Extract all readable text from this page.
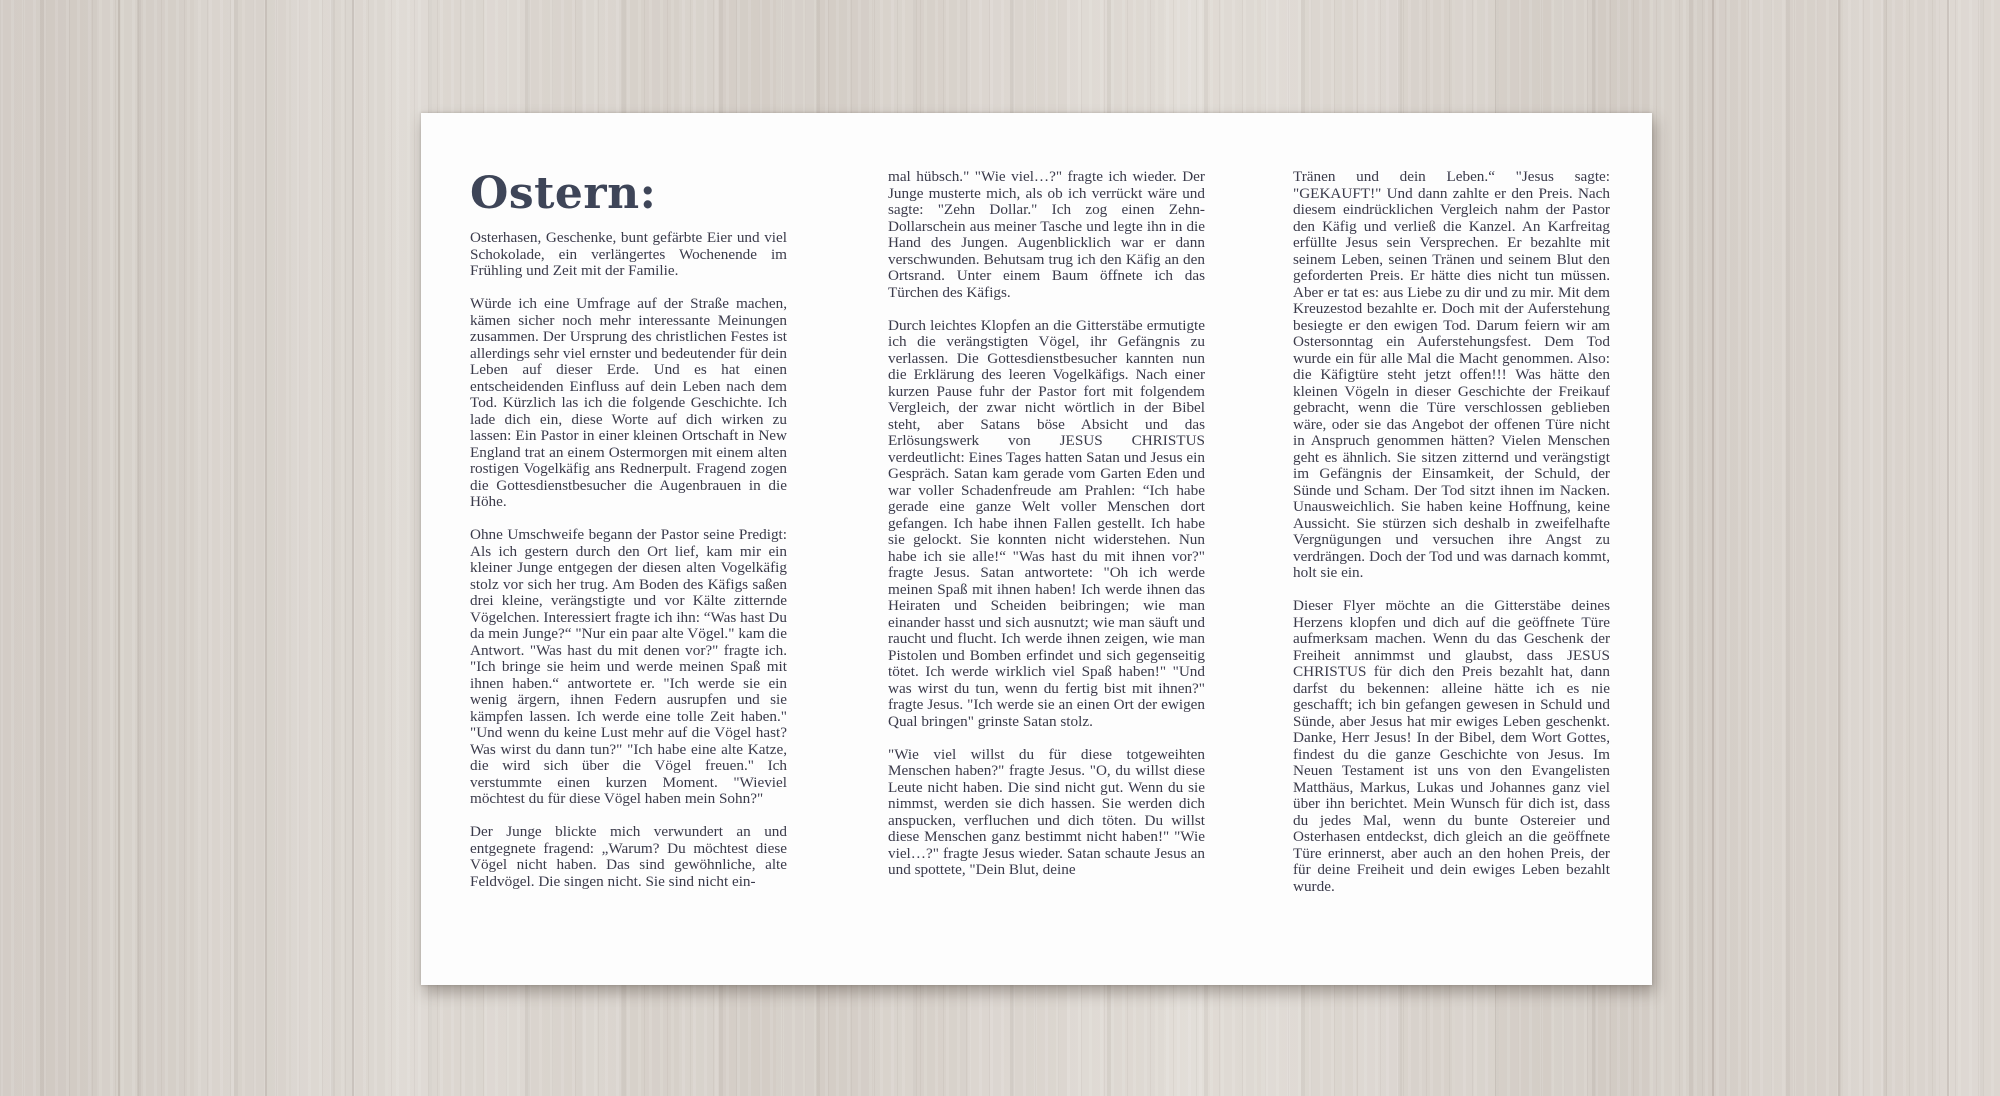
Ostern:

Osterhasen, Geschenke, bunt gefärbte Eier und viel Schokolade, ein verlängertes Wochenende im Frühling und Zeit mit der Familie.

Würde ich eine Umfrage auf der Straße machen, kämen sicher noch mehr interessante Meinungen zusammen. Der Ursprung des christlichen Festes ist allerdings sehr viel ernster und bedeutender für dein Leben auf dieser Erde. Und es hat einen entscheidenden Einfluss auf dein Leben nach dem Tod. Kürzlich las ich die folgende Geschichte. Ich lade dich ein, diese Worte auf dich wirken zu lassen: Ein Pastor in einer kleinen Ortschaft in New England trat an einem Ostermorgen mit einem alten rostigen Vogelkäfig ans Rednerpult. Fragend zogen die Gottesdienstbesucher die Augenbrauen in die Höhe.

Ohne Umschweife begann der Pastor seine Predigt: Als ich gestern durch den Ort lief, kam mir ein kleiner Junge entgegen der diesen alten Vogelkäfig stolz vor sich her trug. Am Boden des Käfigs saßen drei kleine, verängstigte und vor Kälte zitternde Vögelchen. Interessiert fragte ich ihn: “Was hast Du da mein Junge?“ "Nur ein paar alte Vögel." kam die Antwort. "Was hast du mit denen vor?" fragte ich. "Ich bringe sie heim und werde meinen Spaß mit ihnen haben.“ antwortete er. "Ich werde sie ein wenig ärgern, ihnen Federn ausrupfen und sie kämpfen lassen. Ich werde eine tolle Zeit haben." "Und wenn du keine Lust mehr auf die Vögel hast? Was wirst du dann tun?" "Ich habe eine alte Katze, die wird sich über die Vögel freuen." Ich verstummte einen kurzen Moment. "Wieviel möchtest du für diese Vögel haben mein Sohn?"

Der Junge blickte mich verwundert an und entgegnete fragend: „Warum? Du möchtest diese Vögel nicht haben. Das sind gewöhnliche, alte Feldvögel. Die singen nicht. Sie sind nicht ein-

mal hübsch." "Wie viel…?" fragte ich wieder. Der Junge musterte mich, als ob ich verrückt wäre und sagte: "Zehn Dollar." Ich zog einen Zehn-Dollarschein aus meiner Tasche und legte ihn in die Hand des Jungen. Augenblicklich war er dann verschwunden. Behutsam trug ich den Käfig an den Ortsrand. Unter einem Baum öffnete ich das Türchen des Käfigs.

Durch leichtes Klopfen an die Gitterstäbe ermutigte ich die verängstigten Vögel, ihr Gefängnis zu verlassen. Die Gottesdienstbesucher kannten nun die Erklärung des leeren Vogelkäfigs. Nach einer kurzen Pause fuhr der Pastor fort mit folgendem Vergleich, der zwar nicht wörtlich in der Bibel steht, aber Satans böse Absicht und das Erlösungswerk von JESUS CHRISTUS verdeutlicht: Eines Tages hatten Satan und Jesus ein Gespräch. Satan kam gerade vom Garten Eden und war voller Schadenfreude am Prahlen: “Ich habe gerade eine ganze Welt voller Menschen dort gefangen. Ich habe ihnen Fallen gestellt. Ich habe sie gelockt. Sie konnten nicht widerstehen. Nun habe ich sie alle!“ "Was hast du mit ihnen vor?" fragte Jesus. Satan antwortete: "Oh ich werde meinen Spaß mit ihnen haben! Ich werde ihnen das Heiraten und Scheiden beibringen; wie man einander hasst und sich ausnutzt; wie man säuft und raucht und flucht. Ich werde ihnen zeigen, wie man Pistolen und Bomben erfindet und sich gegenseitig tötet. Ich werde wirklich viel Spaß haben!" "Und was wirst du tun, wenn du fertig bist mit ihnen?" fragte Jesus. "Ich werde sie an einen Ort der ewigen Qual bringen" grinste Satan stolz.

"Wie viel willst du für diese totgeweihten Menschen haben?" fragte Jesus. "O, du willst diese Leute nicht haben. Die sind nicht gut. Wenn du sie nimmst, werden sie dich hassen. Sie werden dich anspucken, verfluchen und dich töten. Du willst diese Menschen ganz bestimmt nicht haben!" "Wie viel…?" fragte Jesus wieder. Satan schaute Jesus an und spottete, "Dein Blut, deine

Tränen und dein Leben.“ "Jesus sagte: "GEKAUFT!" Und dann zahlte er den Preis. Nach diesem eindrücklichen Vergleich nahm der Pastor den Käfig und verließ die Kanzel. An Karfreitag erfüllte Jesus sein Versprechen. Er bezahlte mit seinem Leben, seinen Tränen und seinem Blut den geforderten Preis. Er hätte dies nicht tun müssen. Aber er tat es: aus Liebe zu dir und zu mir. Mit dem Kreuzestod bezahlte er. Doch mit der Auferstehung besiegte er den ewigen Tod. Darum feiern wir am Ostersonntag ein Auferstehungsfest. Dem Tod wurde ein für alle Mal die Macht genommen. Also: die Käfigtüre steht jetzt offen!!! Was hätte den kleinen Vögeln in dieser Geschichte der Freikauf gebracht, wenn die Türe verschlossen geblieben wäre, oder sie das Angebot der offenen Türe nicht in Anspruch genommen hätten? Vielen Menschen geht es ähnlich. Sie sitzen zitternd und verängstigt im Gefängnis der Einsamkeit, der Schuld, der Sünde und Scham. Der Tod sitzt ihnen im Nacken. Unausweichlich. Sie haben keine Hoffnung, keine Aussicht. Sie stürzen sich deshalb in zweifelhafte Vergnügungen und versuchen ihre Angst zu verdrängen. Doch der Tod und was darnach kommt, holt sie ein.

Dieser Flyer möchte an die Gitterstäbe deines Herzens klopfen und dich auf die geöffnete Türe aufmerksam machen. Wenn du das Geschenk der Freiheit annimmst und glaubst, dass JESUS CHRISTUS für dich den Preis bezahlt hat, dann darfst du bekennen: alleine hätte ich es nie geschafft; ich bin gefangen gewesen in Schuld und Sünde, aber Jesus hat mir ewiges Leben geschenkt. Danke, Herr Jesus! In der Bibel, dem Wort Gottes, findest du die ganze Geschichte von Jesus. Im Neuen Testament ist uns von den Evangelisten Matthäus, Markus, Lukas und Johannes ganz viel über ihn berichtet. Mein Wunsch für dich ist, dass du jedes Mal, wenn du bunte Ostereier und Osterhasen entdeckst, dich gleich an die geöffnete Türe erinnerst, aber auch an den hohen Preis, der für deine Freiheit und dein ewiges Leben bezahlt wurde.
